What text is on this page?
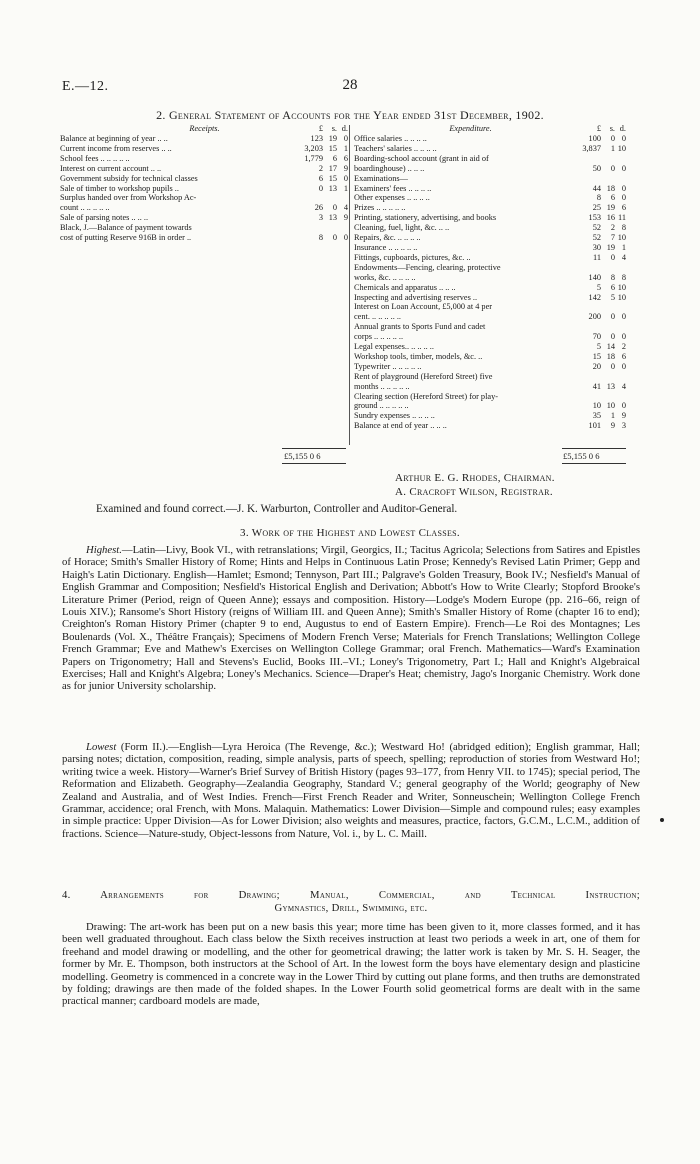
E.—12.	28
2. General Statement of Accounts for the Year ended 31st December, 1902.
Receipts.	£	s. d.
Balance at beginning of year .. ..	123 19 0
Current income from reserves .. ..	3,203 15 1
School fees .. .. .. .. ..	1,779	6 6
Interest on current account .. ..	2 17 9
Government subsidy for technical classes	6 15 0
Sale of timber to workshop pupils ..	0 13 1
Surplus handed over from Workshop Ac-
count .. .. .. .. ..	26	0 4
Sale of parsing notes .. .. ..	3 13 9
Black, J.—Balance of payment towards
cost of putting Reserve 916B in order ..	8	0 0
Expenditure.	£	s. d.
Office salaries .. .. .. ..	100	0 0
Teachers' salaries .. .. .. ..	3,837	1 10
Boarding-school account (grant in aid of
boardinghouse) .. .. ..	50	0 0
Examinations—
Examiners' fees .. .. .. ..	44 18 0
Other expenses .. .. .. ..	8	6 0
Prizes .. .. .. .. ..	25 19 6
Printing, stationery, advertising, and books	153 16 11
Cleaning, fuel, light, &c. .. ..	52	2 8
Repairs, &c. .. .. .. ..	52	7 10
Insurance .. .. .. .. ..	30 19 1
Fittings, cupboards, pictures, &c. ..	11	0 4
Endowments—Fencing, clearing, protective
works, &c. .. .. .. ..	140	8 8
Chemicals and apparatus .. .. ..	5	6 10
Inspecting and advertising reserves ..	142	5 10
Interest on Loan Account, £5,000 at 4 per
cent. .. .. .. .. ..	200	0 0
Annual grants to Sports Fund and cadet
corps .. .. .. .. ..	70	0 0
Legal expenses.. .. .. .. ..	5 14 2
Workshop tools, timber, models, &c. ..	15 18 6
Typewriter .. .. .. .. ..	20	0 0
Rent of playground (Hereford Street) five
months .. .. .. .. ..	41 13 4
Clearing section (Hereford Street) for play-
ground .. .. .. .. ..	10 10 0
Sundry expenses .. .. .. ..	35	1 9
Balance at end of year .. .. ..	101	9 3
£5,155 0 6	£5,155 0 6
Arthur E. G. Rhodes, Chairman.
A. Cracroft Wilson, Registrar.
Examined and found correct.—J. K. Warburton, Controller and Auditor-General.
3. Work of the Highest and Lowest Classes.
Highest.—Latin—Livy, Book VI., with retranslations; Virgil, Georgics, II.; Tacitus Agricola; Selections from Satires and Epistles of Horace; Smith's Smaller History of Rome; Hints and Helps in Continuous Latin Prose; Kennedy's Revised Latin Primer; Gepp and Haigh's Latin Dictionary. English—Hamlet; Esmond; Tennyson, Part III.; Palgrave's Golden Treasury, Book IV.; Nesfield's Manual of English Grammar and Composition; Nesfield's Historical English and Derivation; Abbott's How to Write Clearly; Stopford Brooke's Literature Primer (Period, reign of Queen Anne); essays and composition. History—Lodge's Modern Europe (pp. 216–66, reign of Louis XIV.); Ransome's Short History (reigns of William III. and Queen Anne); Smith's Smaller History of Rome (chapter 16 to end); Creighton's Roman History Primer (chapter 9 to end, Augustus to end of Eastern Empire). French—Le Roi des Montagnes; Les Boulenards (Vol. X., Théâtre Français); Specimens of Modern French Verse; Materials for French Translations; Wellington College French Grammar; Eve and Mathew's Exercises on Wellington College Grammar; oral French. Mathematics—Ward's Examination Papers on Trigonometry; Hall and Stevens's Euclid, Books III.–VI.; Loney's Trigonometry, Part I.; Hall and Knight's Algebraical Exercises; Hall and Knight's Algebra; Loney's Mechanics. Science—Draper's Heat; chemistry, Jago's Inorganic Chemistry. Work done as for junior University scholarship.
Lowest (Form II.).—English—Lyra Heroica (The Revenge, &c.); Westward Ho! (abridged edition); English grammar, Hall; parsing notes; dictation, composition, reading, simple analysis, parts of speech, spelling; reproduction of stories from Westward Ho!; writing twice a week. History—Warner's Brief Survey of British History (pages 93–177, from Henry VII. to 1745); special period, The Reformation and Elizabeth. Geography—Zealandia Geography, Standard V.; general geography of the World; geography of New Zealand and Australia, and of West Indies. French—First French Reader and Writer, Sonneuschein; Wellington College French Grammar, accidence; oral French, with Mons. Malaquin. Mathematics: Lower Division—Simple and compound rules; easy examples in simple practice: Upper Division—As for Lower Division; also weights and measures, practice, factors, G.C.M., L.C.M., addition of fractions. Science—Nature-study, Object-lessons from Nature, Vol. i., by L. C. Maill.
4. Arrangements for Drawing; Manual, Commercial, and Technical Instruction;
Gymnastics, Drill, Swimming, etc.
Drawing: The art-work has been put on a new basis this year; more time has been given to it, more classes formed, and it has been well graduated throughout. Each class below the Sixth receives instruction at least two periods a week in art, one of them for freehand and model drawing or modelling, and the other for geometrical drawing; the latter work is taken by Mr. S. H. Seager, the former by Mr. E. Thompson, both instructors at the School of Art. In the lowest form the boys have elementary design and plasticine modelling. Geometry is commenced in a concrete way in the Lower Third by cutting out plane forms, and then truths are demonstrated by folding; drawings are then made of the folded shapes. In the Lower Fourth solid geometrical forms are dealt with in the same practical manner; cardboard models are made,
